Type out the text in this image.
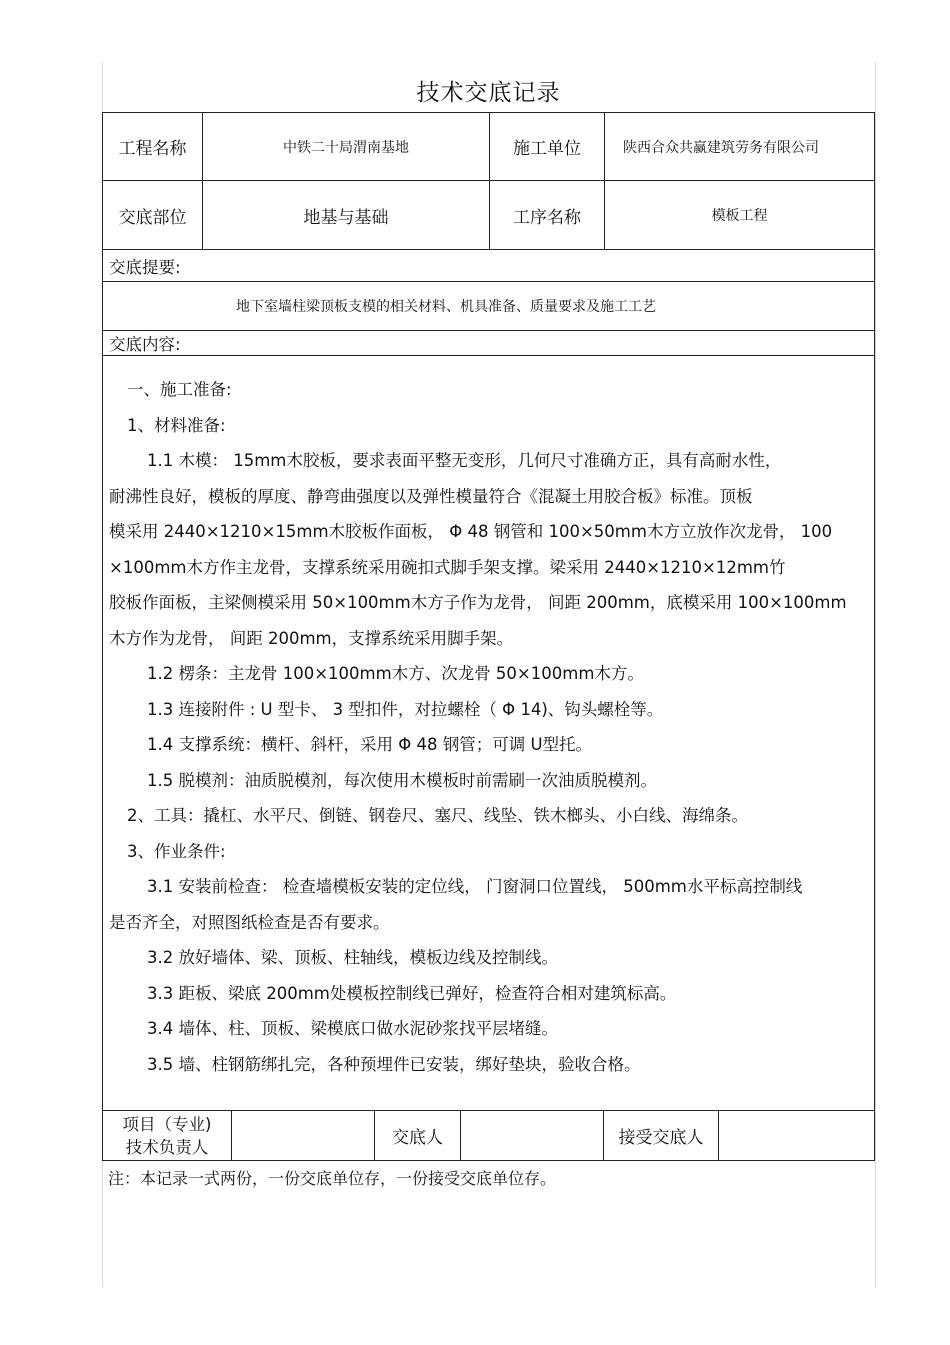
技术交底记录
工程名称	中铁二十局渭南基地	施工单位	陕西合众共赢建筑劳务有限公司
交底部位	地基与基础	工序名称	模板工程
交底提要:
地下室墙柱梁顶板支模的相关材料、机具准备、质量要求及施工工艺
交底内容:
一、施工准备:
1、材料准备:
1.1 木模： 15mm木胶板，要求表面平整无变形，几何尺寸准确方正，具有高耐水性，
耐沸性良好，模板的厚度、静弯曲强度以及弹性模量符合《混凝土用胶合板》标准。顶板
模采用 2440×1210×15mm木胶板作面板， Φ 48 钢管和 100×50mm木方立放作次龙骨， 100
×100mm木方作主龙骨，支撑系统采用碗扣式脚手架支撑。梁采用 2440×1210×12mm竹
胶板作面板，主梁侧模采用 50×100mm木方子作为龙骨， 间距 200mm，底模采用 100×100mm
木方作为龙骨， 间距 200mm，支撑系统采用脚手架。
1.2 楞条：主龙骨 100×100mm木方、次龙骨 50×100mm木方。
1.3 连接附件 : U 型卡、 3 型扣件，对拉螺栓（ Φ 14)、钩头螺栓等。
1.4 支撑系统：横杆、斜杆，采用 Φ 48 钢管；可调 U型托。
1.5 脱模剂：油质脱模剂，每次使用木模板时前需刷一次油质脱模剂。
2、工具：撬杠、水平尺、倒链、钢卷尺、塞尺、线坠、铁木榔头、小白线、海绵条。
3、作业条件:
3.1 安装前检查： 检查墙模板安装的定位线， 门窗洞口位置线， 500mm水平标高控制线
是否齐全，对照图纸检查是否有要求。
3.2 放好墙体、梁、顶板、柱轴线，模板边线及控制线。
3.3 距板、梁底 200mm处模板控制线已弹好，检查符合相对建筑标高。
3.4 墙体、柱、顶板、梁模底口做水泥砂浆找平层堵缝。
3.5 墙、柱钢筋绑扎完，各种预埋件已安装，绑好垫块，验收合格。
项目（专业)
技术负责人	交底人	接受交底人
注：本记录一式两份，一份交底单位存，一份接受交底单位存。
